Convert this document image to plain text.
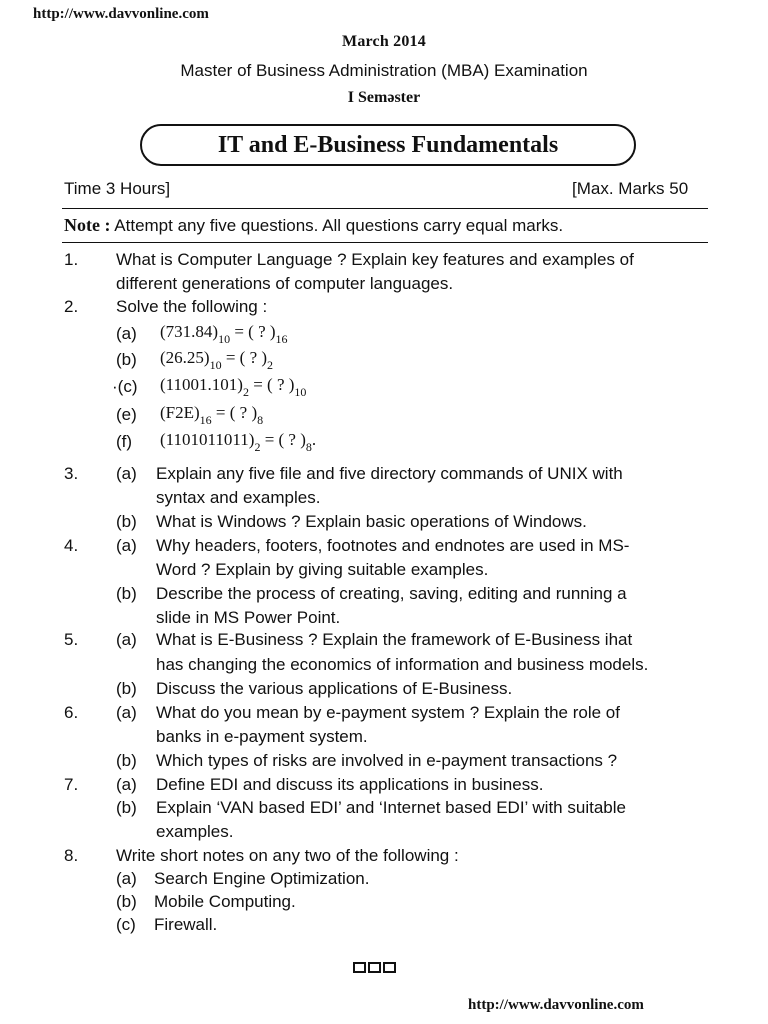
http://www.davvonline.com
March 2014
Master of Business Administration (MBA) Examination
I Seməster
IT and E-Business Fundamentals
Time 3 Hours]	[Max. Marks 50
Note : Attempt any five questions. All questions carry equal marks.
1. What is Computer Language ? Explain key features and examples of
different generations of computer languages.
2. Solve the following :
(a) $(731.84)_{10}$ = ( ? )$_{16}$
(b) $(26.25)_{10}$ = ( ? )$_2$
·(c) $(11001.101)_2$ = ( ? )$_{10}$
(e) $(F2E)_{16}$ = ( ? )$_8$
(f) $(1101011011)_2$ = ( ? )$_8$.
3. (a) Explain any five file and five directory commands of UNIX with
syntax and examples.
(b) What is Windows ? Explain basic operations of Windows.
4. (a) Why headers, footers, footnotes and endnotes are used in MS-
Word ? Explain by giving suitable examples.
(b) Describe the process of creating, saving, editing and running a
slide in MS Power Point.
5. (a) What is E-Business ? Explain the framework of E-Business ihat
has changing the economics of information and business models.
(b) Discuss the various applications of E-Business.
6. (a) What do you mean by e-payment system ? Explain the role of
banks in e-payment system.
(b) Which types of risks are involved in e-payment transactions ?
7. (a) Define EDI and discuss its applications in business.
(b) Explain ‘VAN based EDI’ and ‘Internet based EDI’ with suitable
examples.
8. Write short notes on any two of the following :
(a) Search Engine Optimization.
(b) Mobile Computing.
(c) Firewall.
http://www.davvonline.com
